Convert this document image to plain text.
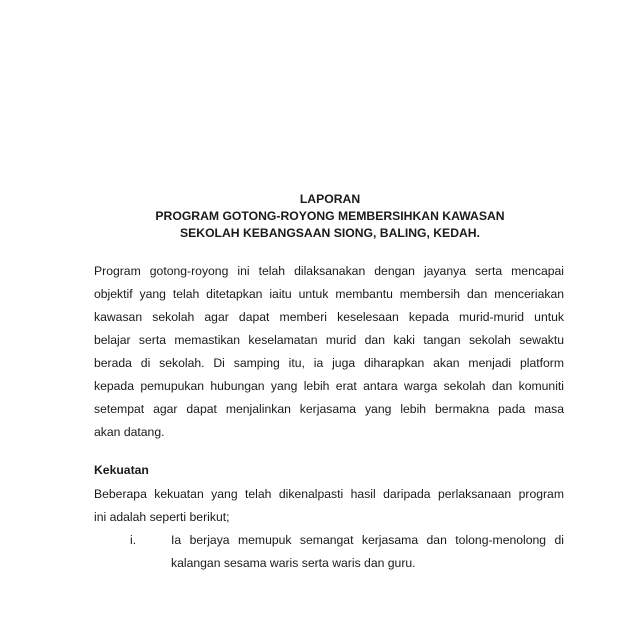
LAPORAN
PROGRAM GOTONG-ROYONG MEMBERSIHKAN KAWASAN
SEKOLAH KEBANGSAAN SIONG, BALING, KEDAH.
Program gotong-royong ini telah dilaksanakan dengan jayanya serta mencapai
objektif yang telah ditetapkan iaitu untuk membantu membersih dan menceriakan
kawasan sekolah agar dapat memberi keselesaan kepada murid-murid untuk
belajar serta memastikan keselamatan murid dan kaki tangan sekolah sewaktu
berada di sekolah. Di samping itu, ia juga diharapkan akan menjadi platform
kepada pemupukan hubungan yang lebih erat antara warga sekolah dan komuniti
setempat agar dapat menjalinkan kerjasama yang lebih bermakna pada masa
akan datang.
Kekuatan
Beberapa kekuatan yang telah dikenalpasti hasil daripada perlaksanaan program
ini adalah seperti berikut;
i.	Ia berjaya memupuk semangat kerjasama dan tolong-menolong di
kalangan sesama waris serta waris dan guru.
